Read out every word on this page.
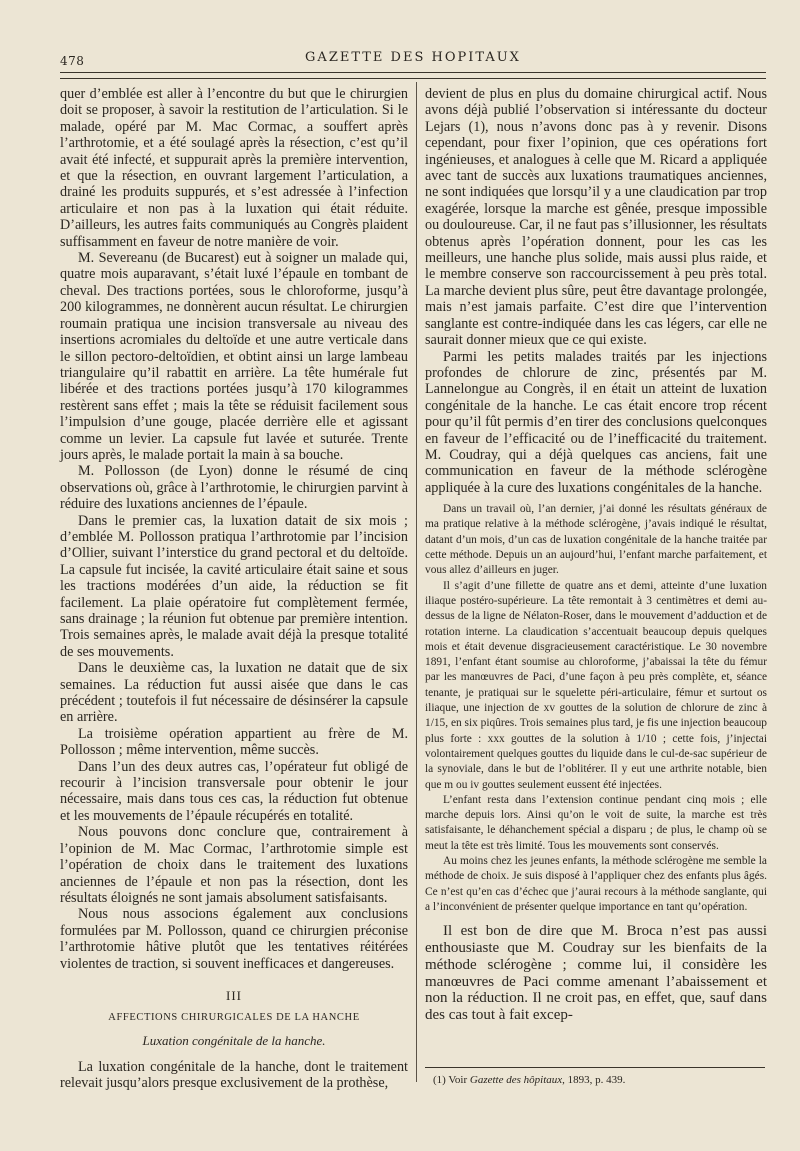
478	GAZETTE DES HOPITAUX

quer d’emblée est aller à l’encontre du but que le chirurgien doit se proposer, à savoir la restitution de l’articulation. Si le malade, opéré par M. Mac Cormac, a souffert après l’arthrotomie, et a été soulagé après la résection, c’est qu’il avait été infecté, et suppurait après la première intervention, et que la résection, en ouvrant largement l’articulation, a drainé les produits suppurés, et s’est adressée à l’infection articulaire et non pas à la luxation qui était réduite. D’ailleurs, les autres faits communiqués au Congrès plaident suffisamment en faveur de notre manière de voir.

M. Severeanu (de Bucarest) eut à soigner un malade qui, quatre mois auparavant, s’était luxé l’épaule en tombant de cheval. Des tractions portées, sous le chloroforme, jusqu’à 200 kilogrammes, ne donnèrent aucun résultat. Le chirurgien roumain pratiqua une incision transversale au niveau des insertions acromiales du deltoïde et une autre verticale dans le sillon pectoro-deltoïdien, et obtint ainsi un large lambeau triangulaire qu’il rabattit en arrière. La tête humérale fut libérée et des tractions portées jusqu’à 170 kilogrammes restèrent sans effet ; mais la tête se réduisit facilement sous l’impulsion d’une gouge, placée derrière elle et agissant comme un levier. La capsule fut lavée et suturée. Trente jours après, le malade portait la main à sa bouche.

M. Pollosson (de Lyon) donne le résumé de cinq observations où, grâce à l’arthrotomie, le chirurgien parvint à réduire des luxations anciennes de l’épaule.

Dans le premier cas, la luxation datait de six mois ; d’emblée M. Pollosson pratiqua l’arthrotomie par l’incision d’Ollier, suivant l’interstice du grand pectoral et du deltoïde. La capsule fut incisée, la cavité articulaire était saine et sous les tractions modérées d’un aide, la réduction se fit facilement. La plaie opératoire fut complètement fermée, sans drainage ; la réunion fut obtenue par première intention. Trois semaines après, le malade avait déjà la presque totalité de ses mouvements.

Dans le deuxième cas, la luxation ne datait que de six semaines. La réduction fut aussi aisée que dans le cas précédent ; toutefois il fut nécessaire de désinsérer la capsule en arrière.

La troisième opération appartient au frère de M. Pollosson ; même intervention, même succès.

Dans l’un des deux autres cas, l’opérateur fut obligé de recourir à l’incision transversale pour obtenir le jour nécessaire, mais dans tous ces cas, la réduction fut obtenue et les mouvements de l’épaule récupérés en totalité.

Nous pouvons donc conclure que, contrairement à l’opinion de M. Mac Cormac, l’arthrotomie simple est l’opération de choix dans le traitement des luxations anciennes de l’épaule et non pas la résection, dont les résultats éloignés ne sont jamais absolument satisfaisants.

Nous nous associons également aux conclusions formulées par M. Pollosson, quand ce chirurgien préconise l’arthrotomie hâtive plutôt que les tentatives réitérées violentes de traction, si souvent inefficaces et dangereuses.

III
AFFECTIONS CHIRURGICALES DE LA HANCHE
Luxation congénitale de la hanche.

La luxation congénitale de la hanche, dont le traitement relevait jusqu’alors presque exclusivement de la prothèse,

devient de plus en plus du domaine chirurgical actif. Nous avons déjà publié l’observation si intéressante du docteur Lejars (1), nous n’avons donc pas à y revenir. Disons cependant, pour fixer l’opinion, que ces opérations fort ingénieuses, et analogues à celle que M. Ricard a appliquée avec tant de succès aux luxations traumatiques anciennes, ne sont indiquées que lorsqu’il y a une claudication par trop exagérée, lorsque la marche est gênée, presque impossible ou douloureuse. Car, il ne faut pas s’illusionner, les résultats obtenus après l’opération donnent, pour les cas les meilleurs, une hanche plus solide, mais aussi plus raide, et le membre conserve son raccourcissement à peu près total. La marche devient plus sûre, peut être davantage prolongée, mais n’est jamais parfaite. C’est dire que l’intervention sanglante est contre-indiquée dans les cas légers, car elle ne saurait donner mieux que ce qui existe.

Parmi les petits malades traités par les injections profondes de chlorure de zinc, présentés par M. Lannelongue au Congrès, il en était un atteint de luxation congénitale de la hanche. Le cas était encore trop récent pour qu’il fût permis d’en tirer des conclusions quelconques en faveur de l’efficacité ou de l’inefficacité du traitement. M. Coudray, qui a déjà quelques cas anciens, fait une communication en faveur de la méthode sclérogène appliquée à la cure des luxations congénitales de la hanche.

Dans un travail où, l’an dernier, j’ai donné les résultats généraux de ma pratique relative à la méthode sclérogène, j’avais indiqué le résultat, datant d’un mois, d’un cas de luxation congénitale de la hanche traitée par cette méthode. Depuis un an aujourd’hui, l’enfant marche parfaitement, et vous allez d’ailleurs en juger.

Il s’agit d’une fillette de quatre ans et demi, atteinte d’une luxation iliaque postéro-supérieure. La tête remontait à 3 centimètres et demi au-dessus de la ligne de Nélaton-Roser, dans le mouvement d’adduction et de rotation interne. La claudication s’accentuait beaucoup depuis quelques mois et était devenue disgracieusement caractéristique. Le 30 novembre 1891, l’enfant étant soumise au chloroforme, j’abaissai la tête du fémur par les manœuvres de Paci, d’une façon à peu près complète, et, séance tenante, je pratiquai sur le squelette péri-articulaire, fémur et surtout os iliaque, une injection de xv gouttes de la solution de chlorure de zinc à 1/15, en six piqûres. Trois semaines plus tard, je fis une injection beaucoup plus forte : xxx gouttes de la solution à 1/10 ; cette fois, j’injectai volontairement quelques gouttes du liquide dans le cul-de-sac supérieur de la synoviale, dans le but de l’oblitérer. Il y eut une arthrite notable, bien que m ou iv gouttes seulement eussent été injectées.

L’enfant resta dans l’extension continue pendant cinq mois ; elle marche depuis lors. Ainsi qu’on le voit de suite, la marche est très satisfaisante, le déhanchement spécial a disparu ; de plus, le champ où se meut la tête est très limité. Tous les mouvements sont conservés.

Au moins chez les jeunes enfants, la méthode sclérogène me semble la méthode de choix. Je suis disposé à l’appliquer chez des enfants plus âgés. Ce n’est qu’en cas d’échec que j’aurai recours à la méthode sanglante, qui a l’inconvénient de présenter quelque importance en tant qu’opération.

Il est bon de dire que M. Broca n’est pas aussi enthousiaste que M. Coudray sur les bienfaits de la méthode sclérogène ; comme lui, il considère les manœuvres de Paci comme amenant l’abaissement et non la réduction. Il ne croit pas, en effet, que, sauf dans des cas tout à fait excep-

(1) Voir Gazette des hôpitaux, 1893, p. 439.
